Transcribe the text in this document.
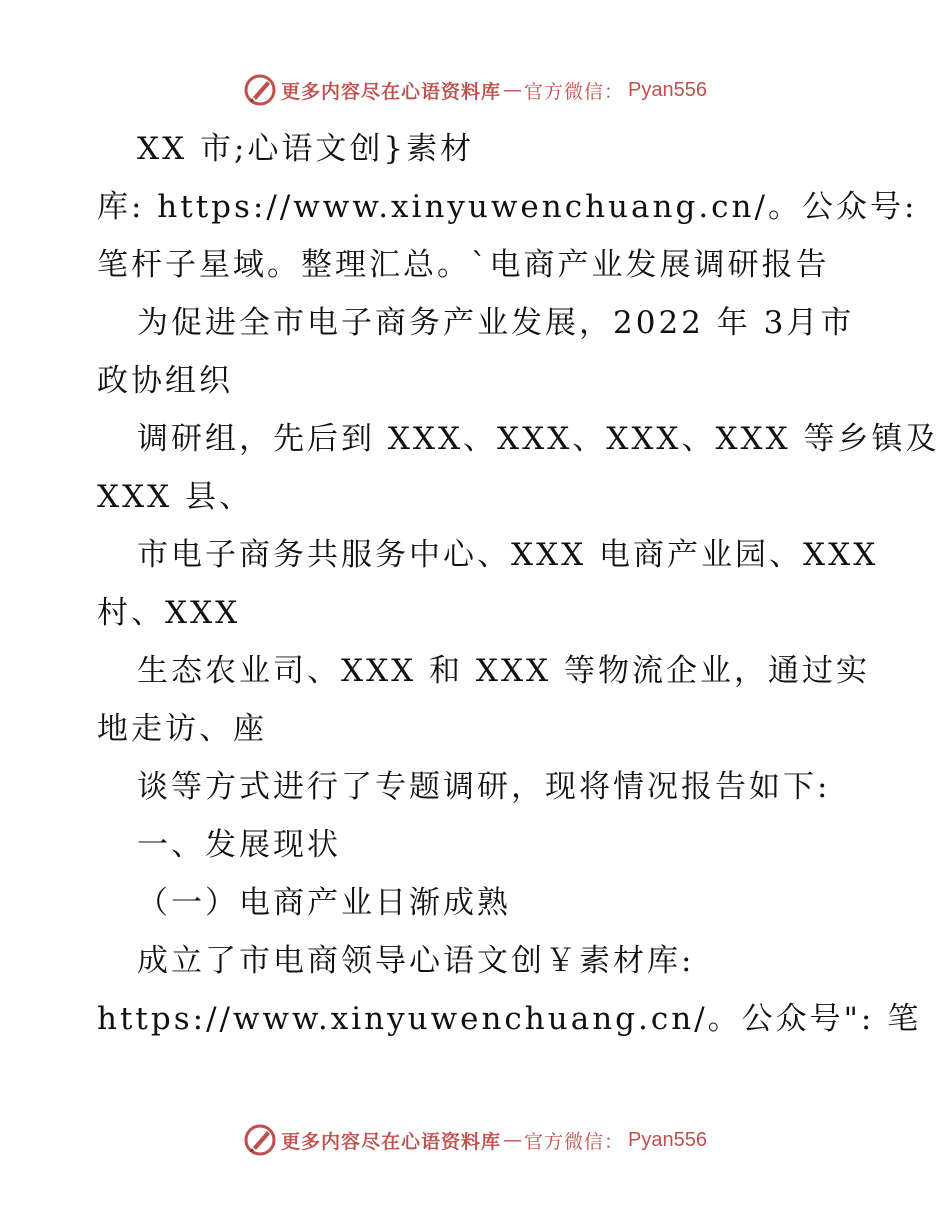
更多内容尽在心语资料库 — 官方微信： Pyan556
XX 市;心语文创}素材
库: https://www.xinyuwenchuang.cn/。公众号:
笔杆子星域。整理汇总。`电商产业发展调研报告
为促进全市电子商务产业发展，2022 年 3月市
政协组织
调研组，先后到 XXX、XXX、XXX、XXX 等乡镇及
XXX 县、
市电子商务共服务中心、XXX 电商产业园、XXX
村、XXX
生态农业司、XXX 和 XXX 等物流企业，通过实
地走访、座
谈等方式进行了专题调研，现将情况报告如下:
一、发展现状
（一）电商产业日渐成熟
成立了市电商领导心语文创￥素材库:
https://www.xinyuwenchuang.cn/。公众号": 笔
更多内容尽在心语资料库 — 官方微信： Pyan556
